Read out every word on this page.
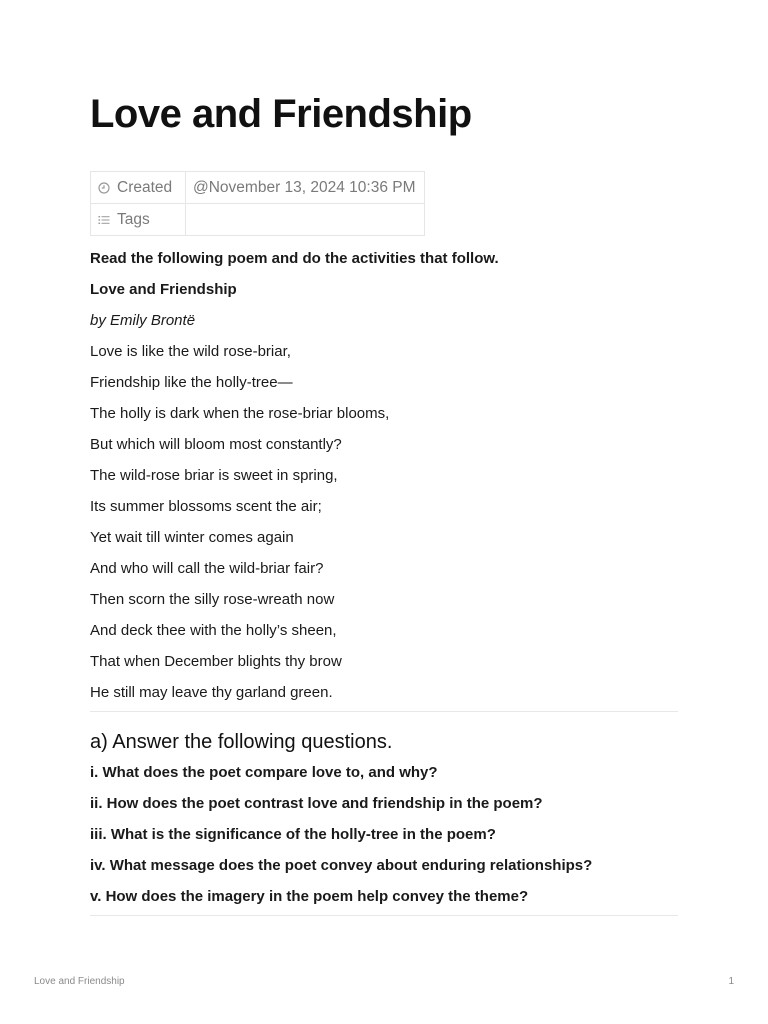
Love and Friendship
Created	@November 13, 2024 10:36 PM
Tags	
Read the following poem and do the activities that follow.
Love and Friendship
by Emily Brontë
Love is like the wild rose-briar,
Friendship like the holly-tree—
The holly is dark when the rose-briar blooms,
But which will bloom most constantly?
The wild-rose briar is sweet in spring,
Its summer blossoms scent the air;
Yet wait till winter comes again
And who will call the wild-briar fair?
Then scorn the silly rose-wreath now
And deck thee with the holly’s sheen,
That when December blights thy brow
He still may leave thy garland green.
a) Answer the following questions.
i. What does the poet compare love to, and why?
ii. How does the poet contrast love and friendship in the poem?
iii. What is the significance of the holly-tree in the poem?
iv. What message does the poet convey about enduring relationships?
v. How does the imagery in the poem help convey the theme?
Love and Friendship	1
